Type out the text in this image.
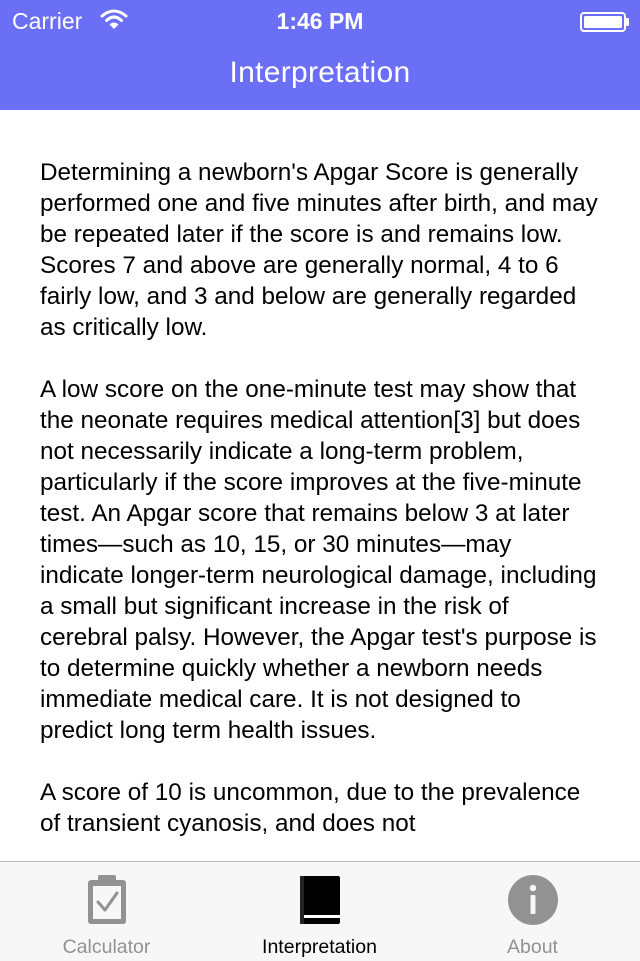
Carrier	1:46 PM
Interpretation

Determining a newborn's Apgar Score is generally performed one and five minutes after birth, and may be repeated later if the score is and remains low. Scores 7 and above are generally normal, 4 to 6 fairly low, and 3 and below are generally regarded as critically low.

A low score on the one-minute test may show that the neonate requires medical attention[3] but does not necessarily indicate a long-term problem, particularly if the score improves at the five-minute test. An Apgar score that remains below 3 at later times—such as 10, 15, or 30 minutes—may indicate longer-term neurological damage, including a small but significant increase in the risk of cerebral palsy. However, the Apgar test's purpose is to determine quickly whether a newborn needs immediate medical care. It is not designed to predict long term health issues.

A score of 10 is uncommon, due to the prevalence of transient cyanosis, and does not

Calculator	Interpretation	About
